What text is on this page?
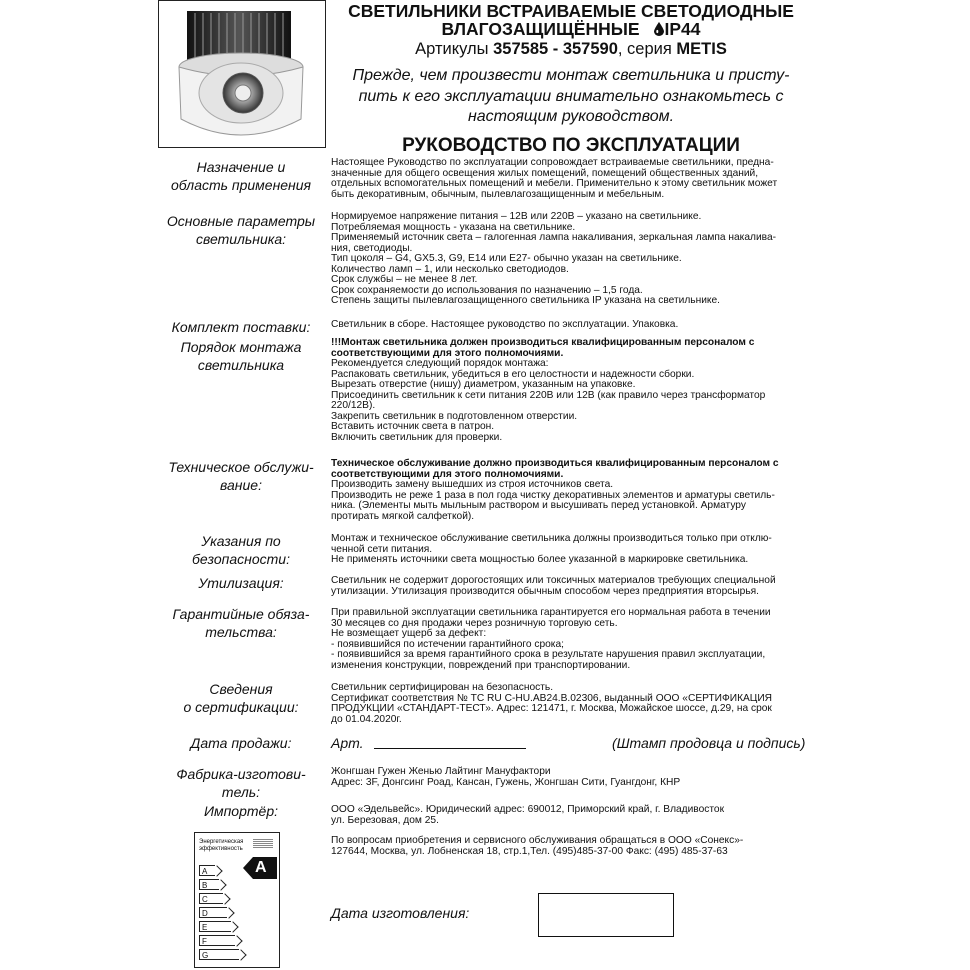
СВЕТИЛЬНИКИ ВСТРАИВАЕМЫЕ СВЕТОДИОДНЫЕ
ВЛАГОЗАЩИЩЁННЫЕ IP44
Артикулы 357585 - 357590, серия METIS
Прежде, чем произвести монтаж светильника и присту-
пить к его эксплуатации внимательно ознакомьтесь с
настоящим руководством.
РУКОВОДСТВО ПО ЭКСПЛУАТАЦИИ
Назначение и
область применения
Настоящее Руководство по эксплуатации сопровождает встраиваемые светильники, предна-
значенные для общего освещения жилых помещений, помещений общественных зданий,
отдельных вспомогательных помещений и мебели. Применительно к этому светильник может
быть декоративным, обычным, пылевлагозащищенным и мебельным.
Основные параметры
светильника:
Нормируемое напряжение питания – 12В или 220В – указано на светильнике.
Потребляемая мощность - указана на светильнике.
Применяемый источник света – галогенная лампа накаливания, зеркальная лампа накалива-
ния, светодиоды.
Тип цоколя – G4, GX5.3, G9, E14 или E27- обычно указан на светильнике.
Количество ламп – 1, или несколько светодиодов.
Срок службы – не менее 8 лет.
Срок сохраняемости до использования по назначению – 1,5 года.
Степень защиты пылевлагозащищенного светильника IP указана на светильнике.
Комплект поставки:	Светильник в сборе. Настоящее руководство по эксплуатации. Упаковка.
Порядок монтажа
светильника
!!!Монтаж светильника должен производиться квалифицированным персоналом с
соответствующими для этого полномочиями.
Рекомендуется следующий порядок монтажа:
Распаковать светильник, убедиться в его целостности и надежности сборки.
Вырезать отверстие (нишу) диаметром, указанным на упаковке.
Присоединить светильник к сети питания 220В или 12В (как правило через трансформатор
220/12В).
Закрепить светильник в подготовленном отверстии.
Вставить источник света в патрон.
Включить светильник для проверки.
Техническое обслужи-
вание:
Техническое обслуживание должно производиться квалифицированным персоналом с
соответствующими для этого полномочиями.
Производить замену вышедших из строя источников света.
Производить не реже 1 раза в пол года чистку декоративных элементов и арматуры светиль-
ника. (Элементы мыть мыльным раствором и высушивать перед установкой. Арматуру
протирать мягкой салфеткой).
Указания по
безопасности:
Монтаж и техническое обслуживание светильника должны производиться только при отклю-
ченной сети питания.
Не применять источники света мощностью более указанной в маркировке светильника.
Утилизация:	Светильник не содержит дорогостоящих или токсичных материалов требующих специальной
утилизации. Утилизация производится обычным способом через предприятия вторсырья.
Гарантийные обяза-
тельства:
При правильной эксплуатации светильника гарантируется его нормальная работа в течении
30 месяцев со дня продажи через розничную торговую сеть.
Не возмещает ущерб за дефект:
- появившийся по истечении гарантийного срока;
- появившийся за время гарантийного срока в результате нарушения правил эксплуатации,
изменения конструкции, повреждений при транспортировании.
Сведения
о сертификации:
Светильник сертифицирован на безопасность.
Сертификат соответствия № ТС RU C-HU.AB24.B.02306, выданный ООО «СЕРТИФИКАЦИЯ
ПРОДУКЦИИ «СТАНДАРТ-ТЕСТ». Адрес: 121471, г. Москва, Можайское шоссе, д.29, на срок
до 01.04.2020г.
Дата продажи:	Арт.	(Штамп продовца и подпись)
Фабрика-изготови-
тель:
Жонгшан Гужен Женью Лайтинг Мануфактори
Адрес: 3F, Донгсинг Роад, Кансан, Гужень, Жонгшан Сити, Гуангдонг, КНР
Импортёр:	ООО «Эдельвейс». Юридический адрес: 690012, Приморский край, г. Владивосток
ул. Березовая, дом 25.
По вопросам приобретения и сервисного обслуживания обращаться в ООО «Сонекс»-
127644, Москва, ул. Лобненская 18, стр.1,Тел. (495)485-37-00 Факс: (495) 485-37-63
Энергетическая
эффективность
A
B
C
D
E
F
G
A
Дата изготовления:
